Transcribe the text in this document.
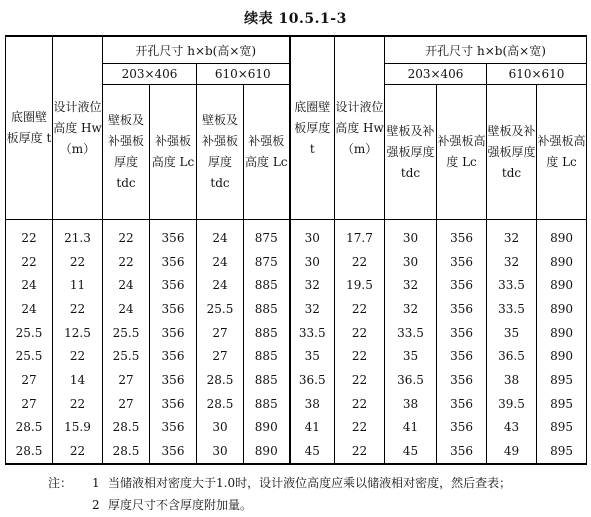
续表 10.5.1-3
底圈壁板厚度 t	设计液位高度 Hw（m）	开孔尺寸 h×b(高×宽)				底圈壁板厚度 t	设计液位高度 Hw（m）	开孔尺寸 h×b(高×宽)			
		203×406		610×610				203×406		610×610	
		壁板及补强板厚度 tdc	补强板高度 Lc	壁板及补强板厚度 tdc	补强板高度 Lc			壁板及补强板厚度 tdc	补强板高度 Lc	壁板及补强板厚度 tdc	补强板高度 Lc
22	21.3	22	356	24	875	30	17.7	30	356	32	890
22	22	22	356	24	875	30	22	30	356	32	890
24	11	24	356	24	885	32	19.5	32	356	33.5	890
24	22	24	356	25.5	885	32	22	32	356	33.5	890
25.5	12.5	25.5	356	27	885	33.5	22	33.5	356	35	890
25.5	22	25.5	356	27	885	35	22	35	356	36.5	890
27	14	27	356	28.5	885	36.5	22	36.5	356	38	895
27	22	27	356	28.5	885	38	22	38	356	39.5	895
28.5	15.9	28.5	356	30	890	41	22	41	356	43	895
28.5	22	28.5	356	30	890	45	22	45	356	49	895
注： 1 当储液相对密度大于1.0时，设计液位高度应乘以储液相对密度，然后查表；
2 厚度尺寸不含厚度附加量。
